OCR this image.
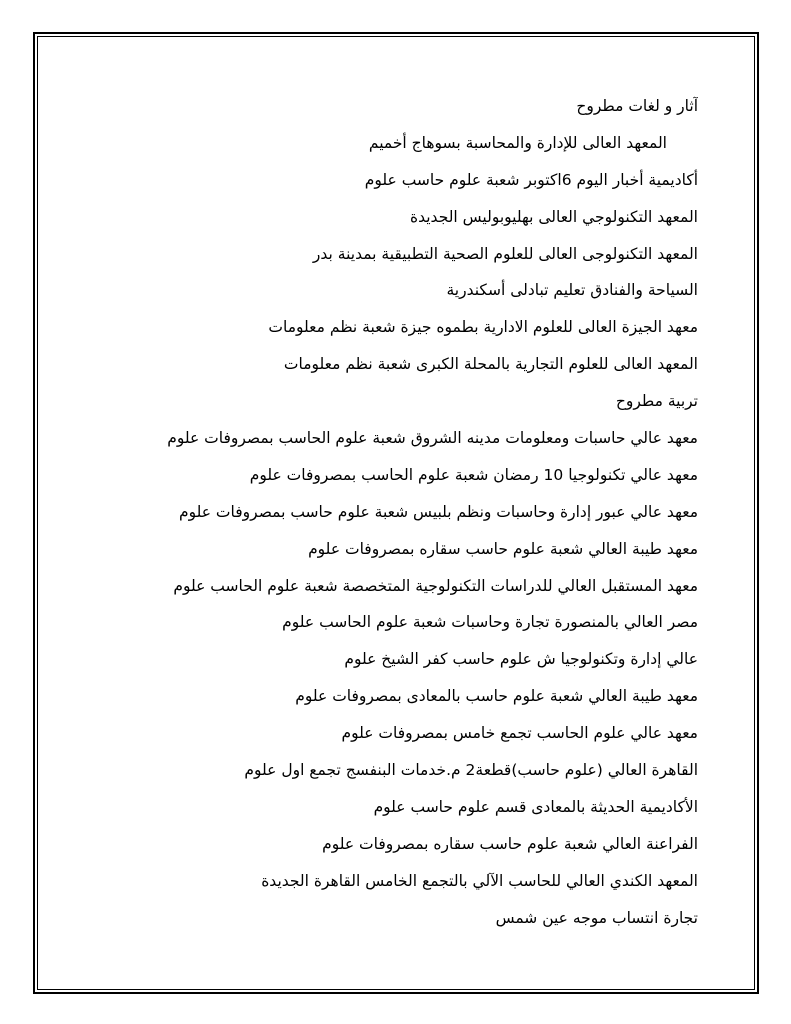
آثار و لغات مطروح
المعهد العالى للإدارة والمحاسبة بسوهاج أخميم
أكاديمية أخبار اليوم 6اكتوبر شعبة علوم حاسب علوم
المعهد التكنولوجي العالى بهليوبوليس الجديدة
المعهد التكنولوجى العالى للعلوم الصحية التطبيقية بمدينة بدر
السياحة والفنادق تعليم تبادلى أسكندرية
معهد الجيزة العالى للعلوم الادارية بطموه جيزة شعبة نظم معلومات
المعهد العالى للعلوم التجارية بالمحلة الكبرى شعبة نظم معلومات
تربية مطروح
معهد عالي حاسبات ومعلومات مدينه الشروق شعبة علوم الحاسب بمصروفات علوم
معهد عالي تكنولوجيا 10 رمضان شعبة علوم الحاسب بمصروفات علوم
معهد عالي عبور إدارة وحاسبات ونظم بلبيس شعبة علوم حاسب بمصروفات علوم
معهد طيبة العالي شعبة علوم حاسب سقاره بمصروفات علوم
معهد المستقبل العالي للدراسات التكنولوجية المتخصصة شعبة علوم الحاسب علوم
مصر العالي بالمنصورة تجارة وحاسبات شعبة علوم الحاسب علوم
عالي إدارة وتكنولوجيا ش علوم حاسب كفر الشيخ علوم
معهد طيبة العالي شعبة علوم حاسب بالمعادى بمصروفات علوم
معهد عالي علوم الحاسب تجمع خامس بمصروفات علوم
القاهرة العالي (علوم حاسب)قطعة2 م.خدمات البنفسج تجمع اول علوم
الأكاديمية الحديثة بالمعادى قسم علوم حاسب علوم
الفراعنة العالي شعبة علوم حاسب سقاره بمصروفات علوم
المعهد الكندي العالي للحاسب الآلي بالتجمع الخامس القاهرة الجديدة
تجارة انتساب موجه عين شمس
